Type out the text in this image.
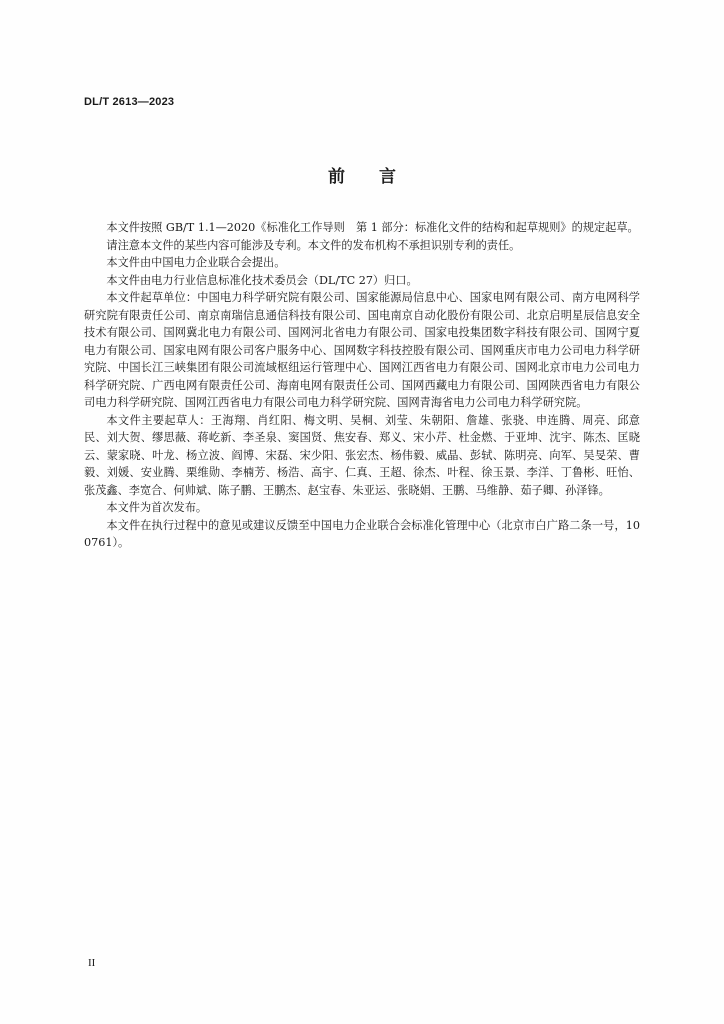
DL/T 2613—2023
前言

本文件按照 GB/T 1.1—2020《标准化工作导则　第 1 部分：标准化文件的结构和起草规则》的规定起草。

请注意本文件的某些内容可能涉及专利。本文件的发布机构不承担识别专利的责任。

本文件由中国电力企业联合会提出。

本文件由电力行业信息标准化技术委员会（DL/TC 27）归口。

本文件起草单位：中国电力科学研究院有限公司、国家能源局信息中心、国家电网有限公司、南方电网科学研究院有限责任公司、南京南瑞信息通信科技有限公司、国电南京自动化股份有限公司、北京启明星辰信息安全技术有限公司、国网冀北电力有限公司、国网河北省电力有限公司、国家电投集团数字科技有限公司、国网宁夏电力有限公司、国家电网有限公司客户服务中心、国网数字科技控股有限公司、国网重庆市电力公司电力科学研究院、中国长江三峡集团有限公司流域枢纽运行管理中心、国网江西省电力有限公司、国网北京市电力公司电力科学研究院、广西电网有限责任公司、海南电网有限责任公司、国网西藏电力有限公司、国网陕西省电力有限公司电力科学研究院、国网江西省电力有限公司电力科学研究院、国网青海省电力公司电力科学研究院。

本文件主要起草人：王海翔、肖红阳、梅文明、吴桐、刘莹、朱朝阳、詹雄、张骁、申连腾、周亮、邱意民、刘大贺、缪思薇、蒋屹新、李圣泉、窦国贤、焦安春、郑义、宋小芹、杜金燃、于亚坤、沈宇、陈杰、匡晓云、蒙家晓、叶龙、杨立波、阎博、宋磊、宋少阳、张宏杰、杨伟毅、威晶、彭轼、陈明亮、向军、吴旻荣、曹毅、刘媛、安业腾、栗维勋、李楠芳、杨浩、高宇、仁真、王超、徐杰、叶程、徐玉景、李洋、丁鲁彬、旺怡、张茂鑫、李宽合、何帅斌、陈子鹏、王鹏杰、赵宝春、朱亚运、张晓娟、王鹏、马维静、茹子卿、孙泽锋。

本文件为首次发布。

本文件在执行过程中的意见或建议反馈至中国电力企业联合会标准化管理中心（北京市白广路二条一号，100761）。

II
